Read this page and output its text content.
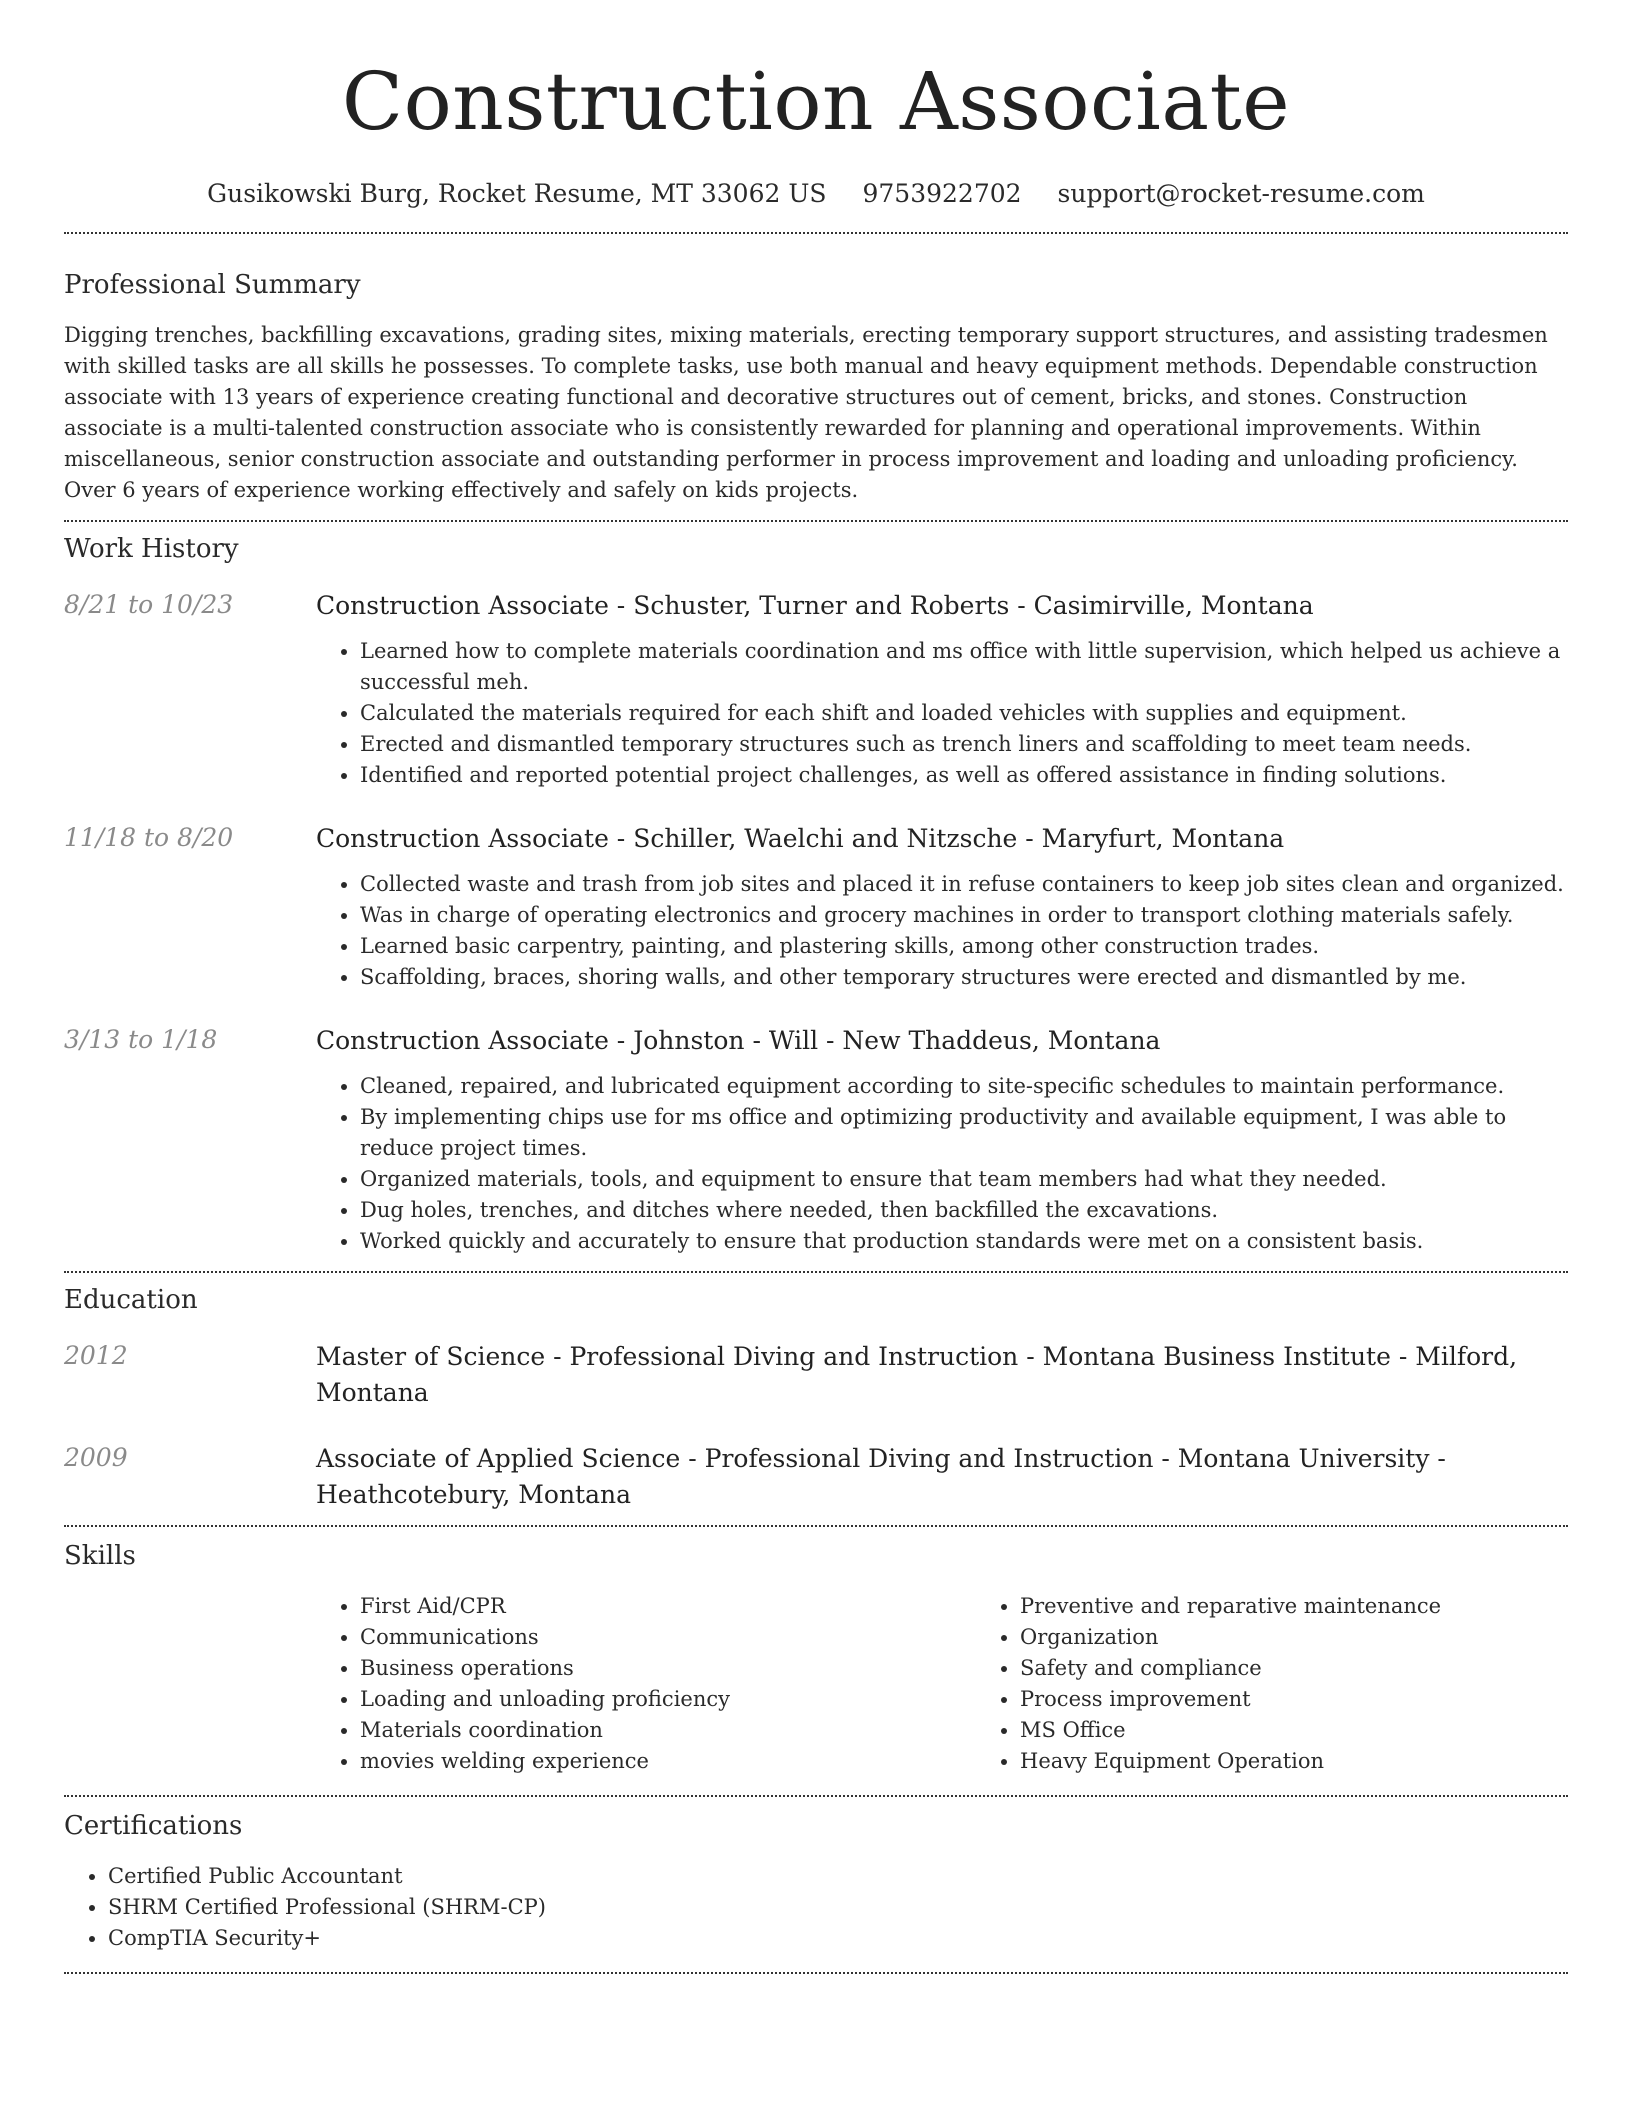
Construction Associate
Gusikowski Burg, Rocket Resume, MT 33062 US 9753922702 support@rocket-resume.com
Professional Summary

Digging trenches, backfilling excavations, grading sites, mixing materials, erecting temporary support structures, and assisting tradesmen with skilled tasks are all skills he possesses. To complete tasks, use both manual and heavy equipment methods. Dependable construction associate with 13 years of experience creating functional and decorative structures out of cement, bricks, and stones. Construction associate is a multi-talented construction associate who is consistently rewarded for planning and operational improvements. Within miscellaneous, senior construction associate and outstanding performer in process improvement and loading and unloading proficiency. Over 6 years of experience working effectively and safely on kids projects.

Work History
8/21 to 10/23	Construction Associate - Schuster, Turner and Roberts - Casimirville, Montana

• Learned how to complete materials coordination and ms office with little supervision, which helped us achieve a successful meh.
• Calculated the materials required for each shift and loaded vehicles with supplies and equipment.
• Erected and dismantled temporary structures such as trench liners and scaffolding to meet team needs.
• Identified and reported potential project challenges, as well as offered assistance in finding solutions.
11/18 to 8/20	Construction Associate - Schiller, Waelchi and Nitzsche - Maryfurt, Montana

• Collected waste and trash from job sites and placed it in refuse containers to keep job sites clean and organized.
• Was in charge of operating electronics and grocery machines in order to transport clothing materials safely.
• Learned basic carpentry, painting, and plastering skills, among other construction trades.
• Scaffolding, braces, shoring walls, and other temporary structures were erected and dismantled by me.
3/13 to 1/18	Construction Associate - Johnston - Will - New Thaddeus, Montana

• Cleaned, repaired, and lubricated equipment according to site-specific schedules to maintain performance.
• By implementing chips use for ms office and optimizing productivity and available equipment, I was able to reduce project times.
• Organized materials, tools, and equipment to ensure that team members had what they needed.
• Dug holes, trenches, and ditches where needed, then backfilled the excavations.
• Worked quickly and accurately to ensure that production standards were met on a consistent basis.
Education
2012	Master of Science - Professional Diving and Instruction - Montana Business Institute - Milford, Montana

2009	Associate of Applied Science - Professional Diving and Instruction - Montana University - Heathcotebury, Montana

Skills
• First Aid/CPR
• Communications
• Business operations
• Loading and unloading proficiency
• Materials coordination
• movies welding experience
• Preventive and reparative maintenance
• Organization
• Safety and compliance
• Process improvement
• MS Office
• Heavy Equipment Operation
Certifications
• Certified Public Accountant
• SHRM Certified Professional (SHRM-CP)
• CompTIA Security+
